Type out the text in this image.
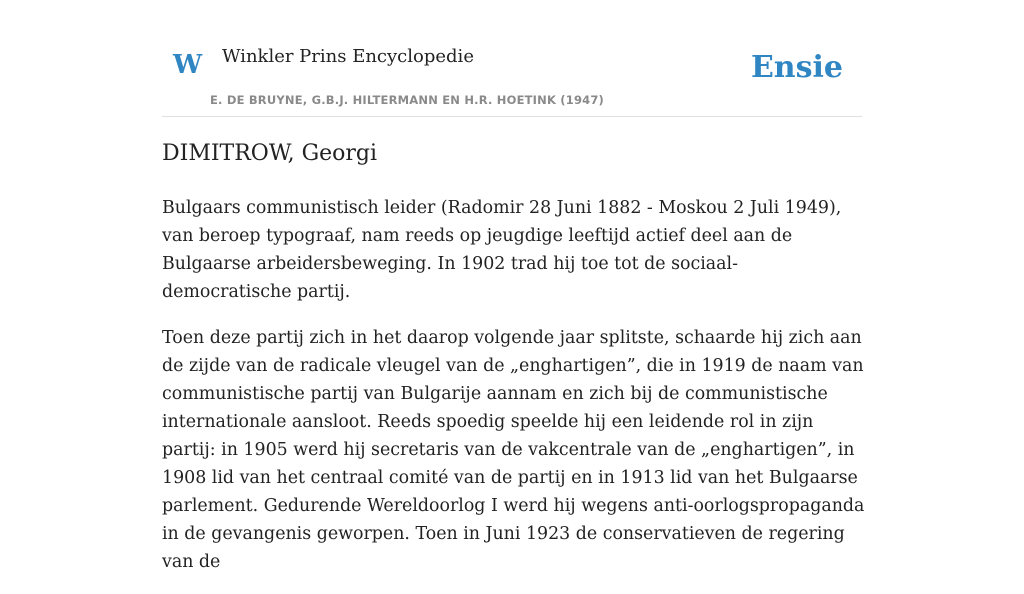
W Winkler Prins Encyclopedie	Ensie
E. DE BRUYNE, G.B.J. HILTERMANN EN H.R. HOETINK (1947)
DIMITROW, Georgi

Bulgaars communistisch leider (Radomir 28 Juni 1882 - Moskou 2 Juli 1949), van beroep typograaf, nam reeds op jeugdige leeftijd actief deel aan de Bulgaarse arbeidersbeweging. In 1902 trad hij toe tot de sociaal-democratische partij.

Toen deze partij zich in het daarop volgende jaar splitste, schaarde hij zich aan de zijde van de radicale vleugel van de „enghartigen”, die in 1919 de naam van communistische partij van Bulgarije aannam en zich bij de communistische internationale aansloot. Reeds spoedig speelde hij een leidende rol in zijn partij: in 1905 werd hij secretaris van de vakcentrale van de „enghartigen”, in 1908 lid van het centraal comité van de partij en in 1913 lid van het Bulgaarse parlement. Gedurende Wereldoorlog I werd hij wegens anti-oorlogspropaganda in de gevangenis geworpen. Toen in Juni 1923 de conservatieven de regering van de
